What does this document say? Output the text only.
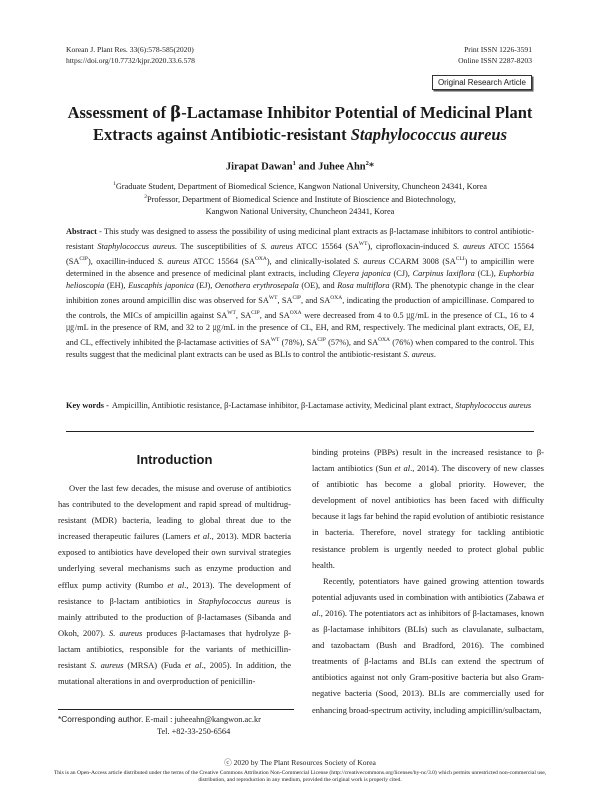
Korean J. Plant Res. 33(6):578-585(2020)
https://doi.org/10.7732/kjpr.2020.33.6.578
Print ISSN 1226-3591
Online ISSN 2287-8203
Original Research Article
Assessment of β-Lactamase Inhibitor Potential of Medicinal Plant
Extracts against Antibiotic-resistant Staphylococcus aureus
Jirapat Dawan$^1$ and Juhee Ahn$^2$*
$^1$Graduate Student, Department of Biomedical Science, Kangwon National University, Chuncheon 24341, Korea
$^2$Professor, Department of Biomedical Science and Institute of Bioscience and Biotechnology,
Kangwon National University, Chuncheon 24341, Korea
Abstract - This study was designed to assess the possibility of using medicinal plant extracts as β-lactamase inhibitors to control antibiotic-resistant Staphylococcus aureus. The susceptibilities of S. aureus ATCC 15564 $(SA^{WT})$, ciprofloxacin-induced S. aureus ATCC 15564 $(SA^{CIP})$, oxacillin-induced S. aureus ATCC 15564 $(SA^{OXA})$, and clinically-isolated S. aureus CCARM 3008 $(SA^{CLI})$ to ampicillin were determined in the absence and presence of medicinal plant extracts, including Cleyera japonica (CJ), Carpinus laxiflora (CL), Euphorbia helioscopia (EH), Euscaphis japonica (EJ), Oenothera erythrosepala (OE), and Rosa multiflora (RM). The phenotypic change in the clear inhibition zones around ampicillin disc was observed for $SA^{WT}$, $SA^{CIP}$, and $SA^{OXA}$, indicating the production of ampicillinase. Compared to the controls, the MICs of ampicillin against $SA^{WT}$, $SA^{CIP}$, and $SA^{OXA}$ were decreased from 4 to 0.5 ㎍/mL in the presence of CL, 16 to 4 ㎍/mL in the presence of RM, and 32 to 2 ㎍/mL in the presence of CL, EH, and RM, respectively. The medicinal plant extracts, OE, EJ, and CL, effectively inhibited the β-lactamase activities of $SA^{WT}$ (78%), $SA^{CIP}$ (57%), and $SA^{OXA}$ (76%) when compared to the control. This results suggest that the medicinal plant extracts can be used as BLIs to control the antibiotic-resistant S. aureus.
Key words - Ampicillin, Antibiotic resistance, β-Lactamase inhibitor, β-Lactamase activity, Medicinal plant extract, Staphylococcus aureus
Introduction

Over the last few decades, the misuse and overuse of antibiotics has contributed to the development and rapid spread of multidrug-resistant (MDR) bacteria, leading to global threat due to the increased therapeutic failures (Lamers et al., 2013). MDR bacteria exposed to antibiotics have developed their own survival strategies underlying several mechanisms such as enzyme production and efflux pump activity (Rumbo et al., 2013). The development of resistance to β-lactam antibiotics in Staphylococcus aureus is mainly attributed to the production of β-lactamases (Sibanda and Okoh, 2007). S. aureus produces β-lactamases that hydrolyze β-lactam antibiotics, responsible for the variants of methicillin-resistant S. aureus (MRSA) (Fuda et al., 2005). In addition, the mutational alterations in and overproduction of penicillin-

binding proteins (PBPs) result in the increased resistance to β-lactam antibiotics (Sun et al., 2014). The discovery of new classes of antibiotic has become a global priority. However, the development of novel antibiotics has been faced with difficulty because it lags far behind the rapid evolution of antibiotic resistance in bacteria. Therefore, novel strategy for tackling antibiotic resistance problem is urgently needed to protect global public health.

Recently, potentiators have gained growing attention towards potential adjuvants used in combination with antibiotics (Zabawa et al., 2016). The potentiators act as inhibitors of β-lactamases, known as β-lactamase inhibitors (BLIs) such as clavulanate, sulbactam, and tazobactam (Bush and Bradford, 2016). The combined treatments of β-lactams and BLIs can extend the spectrum of antibiotics against not only Gram-positive bacteria but also Gram-negative bacteria (Sood, 2013). BLIs are commercially used for enhancing broad-spectrum activity, including ampicillin/sulbactam,

*Corresponding author. E-mail : juheeahn@kangwon.ac.kr
Tel. +82-33-250-6564
ⓒ 2020 by The Plant Resources Society of Korea
This is an Open-Access article distributed under the terms of the Creative Commons Attribution Non-Commercial License (http://creativecommons.org/licenses/by-nc/3.0) which permits unrestricted non-commercial use, distribution, and reproduction in any medium, provided the original work is properly cited.
